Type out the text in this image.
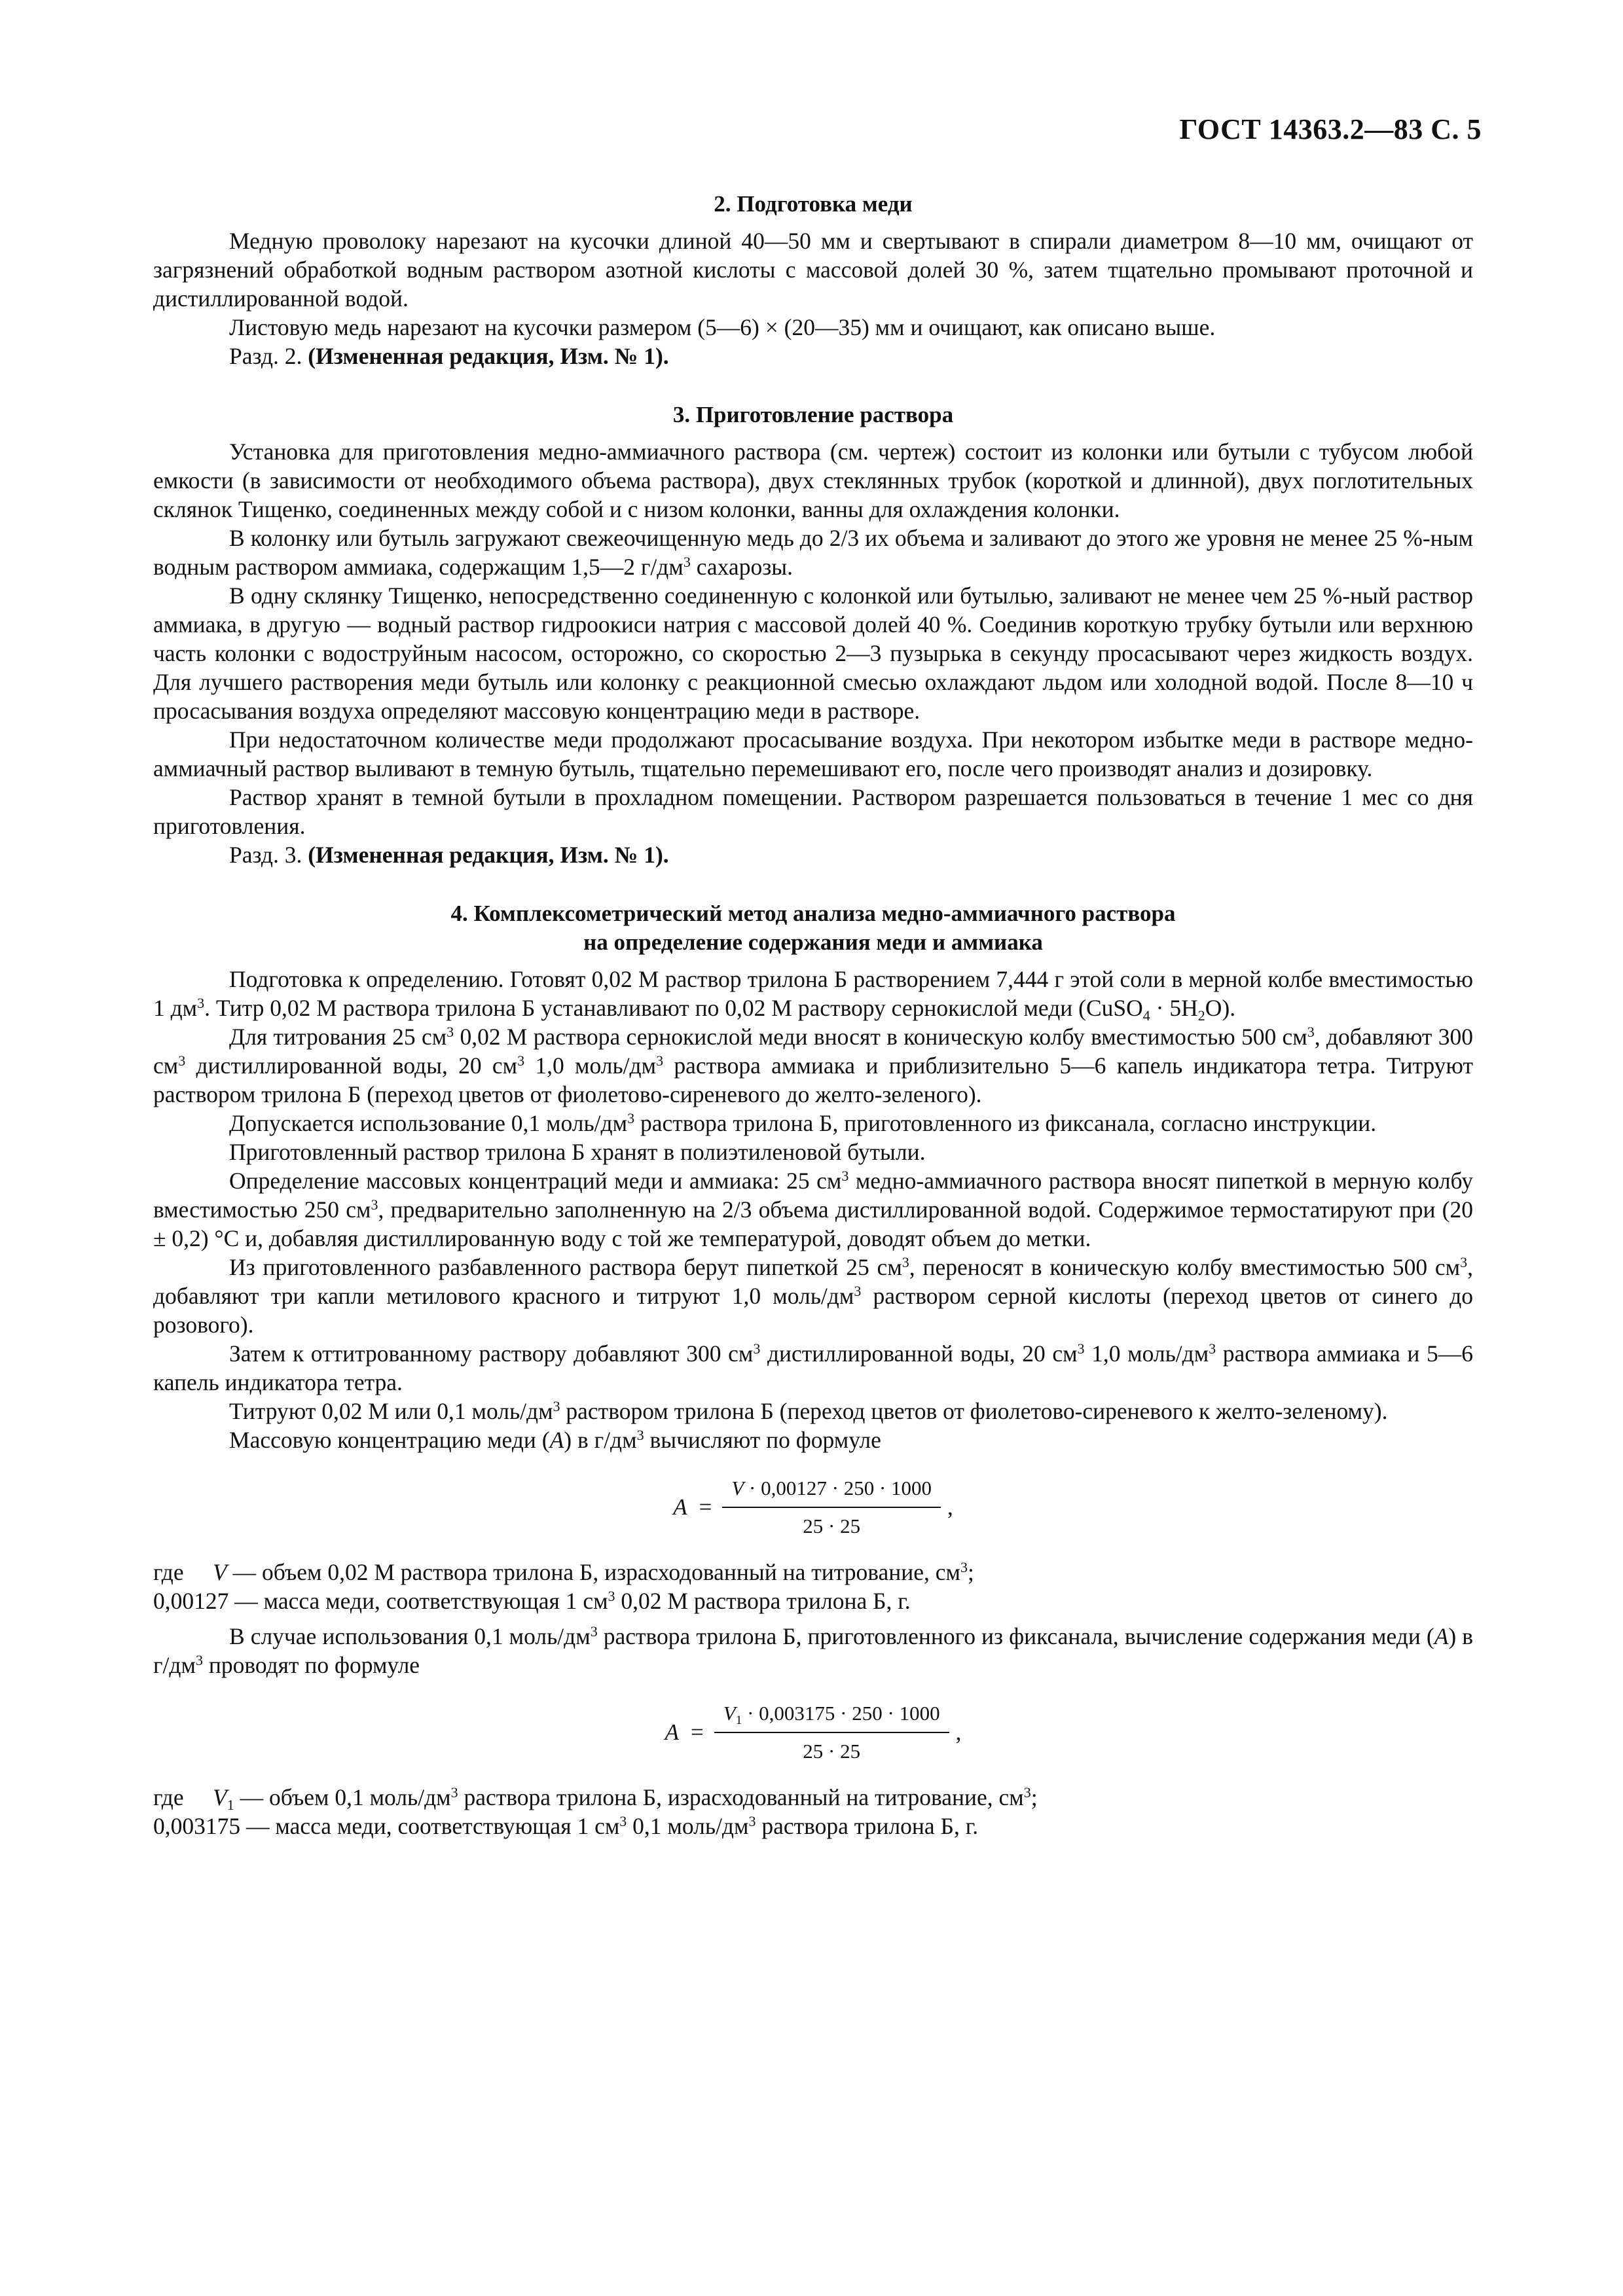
ГОСТ 14363.2—83 С. 5
2. Подготовка меди

Медную проволоку нарезают на кусочки длиной 40—50 мм и свертывают в спирали диаметром 8—10 мм, очищают от загрязнений обработкой водным раствором азотной кислоты с массовой долей 30 %, затем тщательно промывают проточной и дистиллированной водой.

Листовую медь нарезают на кусочки размером (5—6) × (20—35) мм и очищают, как описано выше.

Разд. 2. (Измененная редакция, Изм. № 1).

3. Приготовление раствора

Установка для приготовления медно-аммиачного раствора (см. чертеж) состоит из колонки или бутыли с тубусом любой емкости (в зависимости от необходимого объема раствора), двух стеклянных трубок (короткой и длинной), двух поглотительных склянок Тищенко, соединенных между собой и с низом колонки, ванны для охлаждения колонки.

В колонку или бутыль загружают свежеочищенную медь до 2/3 их объема и заливают до этого же уровня не менее 25 %-ным водным раствором аммиака, содержащим 1,5—2 $г/дм^3$ сахарозы.

В одну склянку Тищенко, непосредственно соединенную с колонкой или бутылью, заливают не менее чем 25 %-ный раствор аммиака, в другую — водный раствор гидроокиси натрия с массовой долей 40 %. Соединив короткую трубку бутыли или верхнюю часть колонки с водоструйным насосом, осторожно, со скоростью 2—3 пузырька в секунду просасывают через жидкость воздух. Для лучшего растворения меди бутыль или колонку с реакционной смесью охлаждают льдом или холодной водой. После 8—10 ч просасывания воздуха определяют массовую концентрацию меди в растворе.

При недостаточном количестве меди продолжают просасывание воздуха. При некотором избытке меди в растворе медно-аммиачный раствор выливают в темную бутыль, тщательно перемешивают его, после чего производят анализ и дозировку.

Раствор хранят в темной бутыли в прохладном помещении. Раствором разрешается пользоваться в течение 1 мес со дня приготовления.

Разд. 3. (Измененная редакция, Изм. № 1).

4. Комплексометрический метод анализа медно-аммиачного раствора
на определение содержания меди и аммиака

Подготовка к определению. Готовят 0,02 М раствор трилона Б растворением 7,444 г этой соли в мерной колбе вместимостью 1 $дм^3$. Титр 0,02 М раствора трилона Б устанавливают по 0,02 М раствору сернокислой меди (CuSO$_4$ · $5H_2O$).

Для титрования 25 $см^3$ 0,02 М раствора сернокислой меди вносят в коническую колбу вместимостью 500 $см^3$, добавляют 300 $см^3$ дистиллированной воды, 20 $см^3$ 1,0 моль/$дм^3$ раствора аммиака и приблизительно 5—6 капель индикатора тетра. Титруют раствором трилона Б (переход цветов от фиолетово-сиреневого до желто-зеленого).

Допускается использование 0,1 моль/$дм^3$ раствора трилона Б, приготовленного из фиксанала, согласно инструкции.

Приготовленный раствор трилона Б хранят в полиэтиленовой бутыли.

Определение массовых концентраций меди и аммиака: 25 $см^3$ медно-аммиачного раствора вносят пипеткой в мерную колбу вместимостью 250 $см^3$, предварительно заполненную на 2/3 объема дистиллированной водой. Содержимое термостатируют при (20 ± 0,2) °С и, добавляя дистиллированную воду с той же температурой, доводят объем до метки.

Из приготовленного разбавленного раствора берут пипеткой 25 $см^3$, переносят в коническую колбу вместимостью 500 $см^3$, добавляют три капли метилового красного и титруют 1,0 моль/$дм^3$ раствором серной кислоты (переход цветов от синего до розового).

Затем к оттитрованному раствору добавляют 300 $см^3$ дистиллированной воды, 20 $см^3$ 1,0 моль/$дм^3$ раствора аммиака и 5—6 капель индикатора тетра.

Титруют 0,02 М или 0,1 моль/$дм^3$ раствором трилона Б (переход цветов от фиолетово-сиреневого к желто-зеленому).

Массовую концентрацию меди (A) в $г/дм^3$ вычисляют по формуле

$A = \frac{V \cdot 0,00127 \cdot 250 \cdot 1000}{25 \cdot 25}$ ,

где     V — объем 0,02 М раствора трилона Б, израсходованный на титрование, $см^3$;

0,00127 — масса меди, соответствующая 1 $см^3$ 0,02 М раствора трилона Б, г.

В случае использования 0,1 моль/$дм^3$ раствора трилона Б, приготовленного из фиксанала, вычисление содержания меди (A) в $г/дм^3$ проводят по формуле

$A = \frac{V_1 \cdot 0,003175 \cdot 250 \cdot 1000}{25 \cdot 25}$ ,

где     $V_1$ — объем 0,1 моль/$дм^3$ раствора трилона Б, израсходованный на титрование, $см^3$;

0,003175 — масса меди, соответствующая 1 $см^3$ 0,1 моль/$дм^3$ раствора трилона Б, г.
